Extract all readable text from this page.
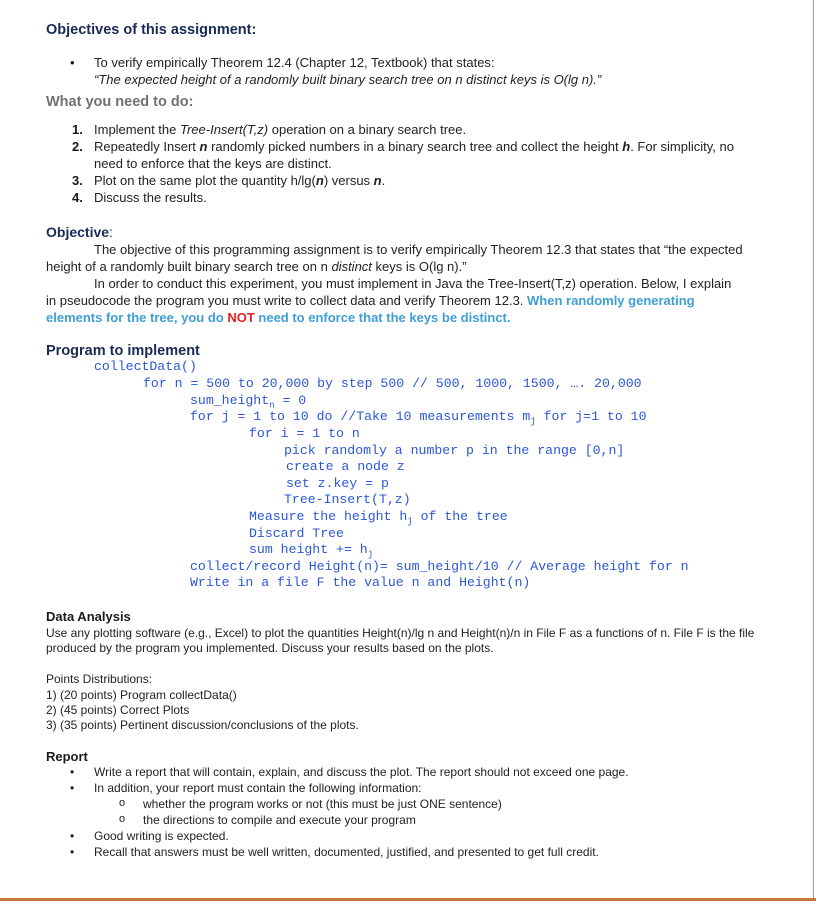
Objectives of this assignment:
• To verify empirically Theorem 12.4 (Chapter 12, Textbook) that states:
“The expected height of a randomly built binary search tree on n distinct keys is O(lg n).”
What you need to do:
1. Implement the Tree-Insert(T,z) operation on a binary search tree.
2. Repeatedly Insert n randomly picked numbers in a binary search tree and collect the height h. For simplicity, no
need to enforce that the keys are distinct.
3. Plot on the same plot the quantity h/lg(n) versus n.
4. Discuss the results.
Objective:
The objective of this programming assignment is to verify empirically Theorem 12.3 that states that “the expected
height of a randomly built binary search tree on n distinct keys is O(lg n).”
In order to conduct this experiment, you must implement in Java the Tree-Insert(T,z) operation. Below, I explain
in pseudocode the program you must write to collect data and verify Theorem 12.3. When randomly generating
elements for the tree, you do NOT need to enforce that the keys be distinct.
Program to implement
collectData()
for n = 500 to 20,000 by step 500 // 500, 1000, 1500, …. 20,000
sum_height$_n$ = 0
for j = 1 to 10 do //Take 10 measurements $m_j$ for j=1 to 10
for i = 1 to n
pick randomly a number p in the range [0,n]
create a node z
set z.key = p
Tree-Insert(T,z)
Measure the height $h_j$ of the tree
Discard Tree
sum height += $h_j$
collect/record Height(n)= sum_height/10 // Average height for n
Write in a file F the value n and Height(n)
Data Analysis
Use any plotting software (e.g., Excel) to plot the quantities Height(n)/lg n and Height(n)/n in File F as a functions of n. File F is the file
produced by the program you implemented. Discuss your results based on the plots.
Points Distributions:
1) (20 points) Program collectData()
2) (45 points) Correct Plots
3) (35 points) Pertinent discussion/conclusions of the plots.
Report
• Write a report that will contain, explain, and discuss the plot. The report should not exceed one page.
• In addition, your report must contain the following information:
o whether the program works or not (this must be just ONE sentence)
o the directions to compile and execute your program
• Good writing is expected.
• Recall that answers must be well written, documented, justified, and presented to get full credit.
